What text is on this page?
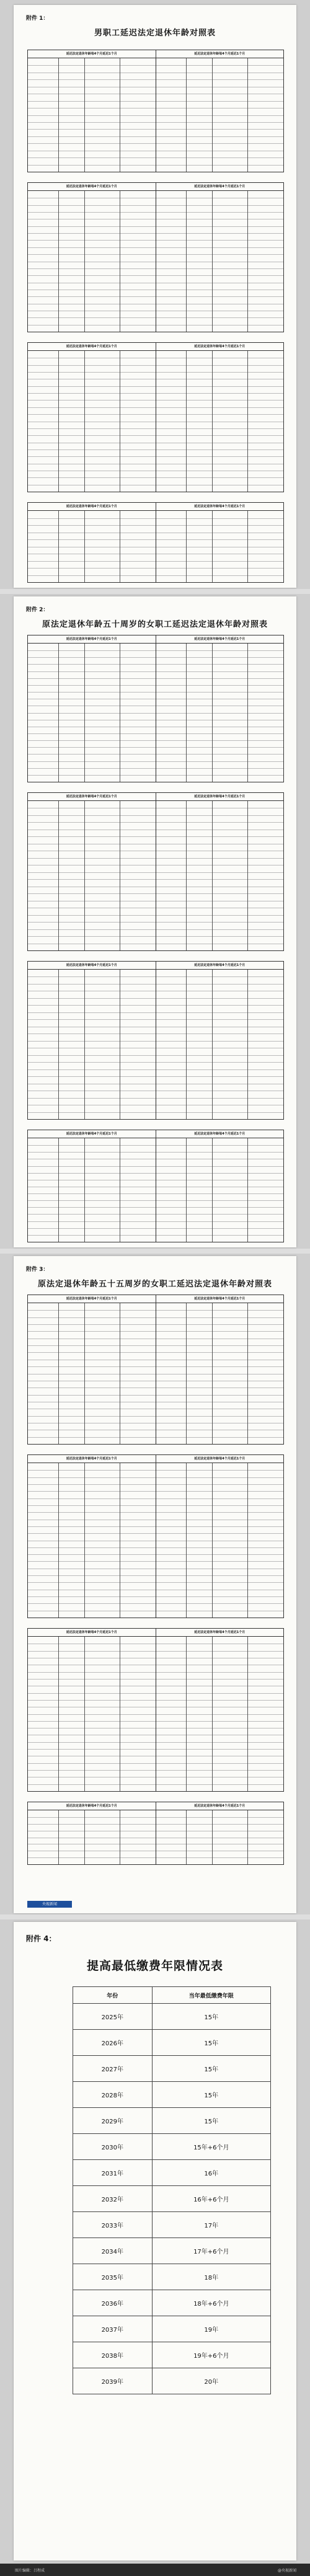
附件 1：
男职工延迟法定退休年龄对照表
延迟法定退休年龄每4个月延迟1个月	延迟法定退休年龄每4个月延迟1个月
延迟法定退休年龄每4个月延迟1个月	延迟法定退休年龄每4个月延迟1个月
延迟法定退休年龄每4个月延迟1个月	延迟法定退休年龄每4个月延迟1个月
延迟法定退休年龄每4个月延迟1个月	延迟法定退休年龄每4个月延迟1个月
附件 2：
原法定退休年龄五十周岁的女职工延迟法定退休年龄对照表
延迟法定退休年龄每4个月延迟1个月	延迟法定退休年龄每4个月延迟1个月
延迟法定退休年龄每4个月延迟1个月	延迟法定退休年龄每4个月延迟1个月
延迟法定退休年龄每4个月延迟1个月	延迟法定退休年龄每4个月延迟1个月
延迟法定退休年龄每4个月延迟1个月	延迟法定退休年龄每4个月延迟1个月
附件 3：
原法定退休年龄五十五周岁的女职工延迟法定退休年龄对照表
延迟法定退休年龄每4个月延迟1个月	延迟法定退休年龄每4个月延迟1个月
延迟法定退休年龄每4个月延迟1个月	延迟法定退休年龄每4个月延迟1个月
延迟法定退休年龄每4个月延迟1个月	延迟法定退休年龄每4个月延迟1个月
延迟法定退休年龄每4个月延迟1个月	延迟法定退休年龄每4个月延迟1个月
央视新闻
附件 4：
提高最低缴费年限情况表
年份	当年最低缴费年限
2025年	15年
2026年	15年
2027年	15年
2028年	15年
2029年	15年
2030年	15年+6个月
2031年	16年
2032年	16年+6个月
2033年	17年
2034年	17年+6个月
2035年	18年
2036年	18年+6个月
2037年	19年
2038年	19年+6个月
2039年	20年
图片编辑：吕程成	@央视新闻
